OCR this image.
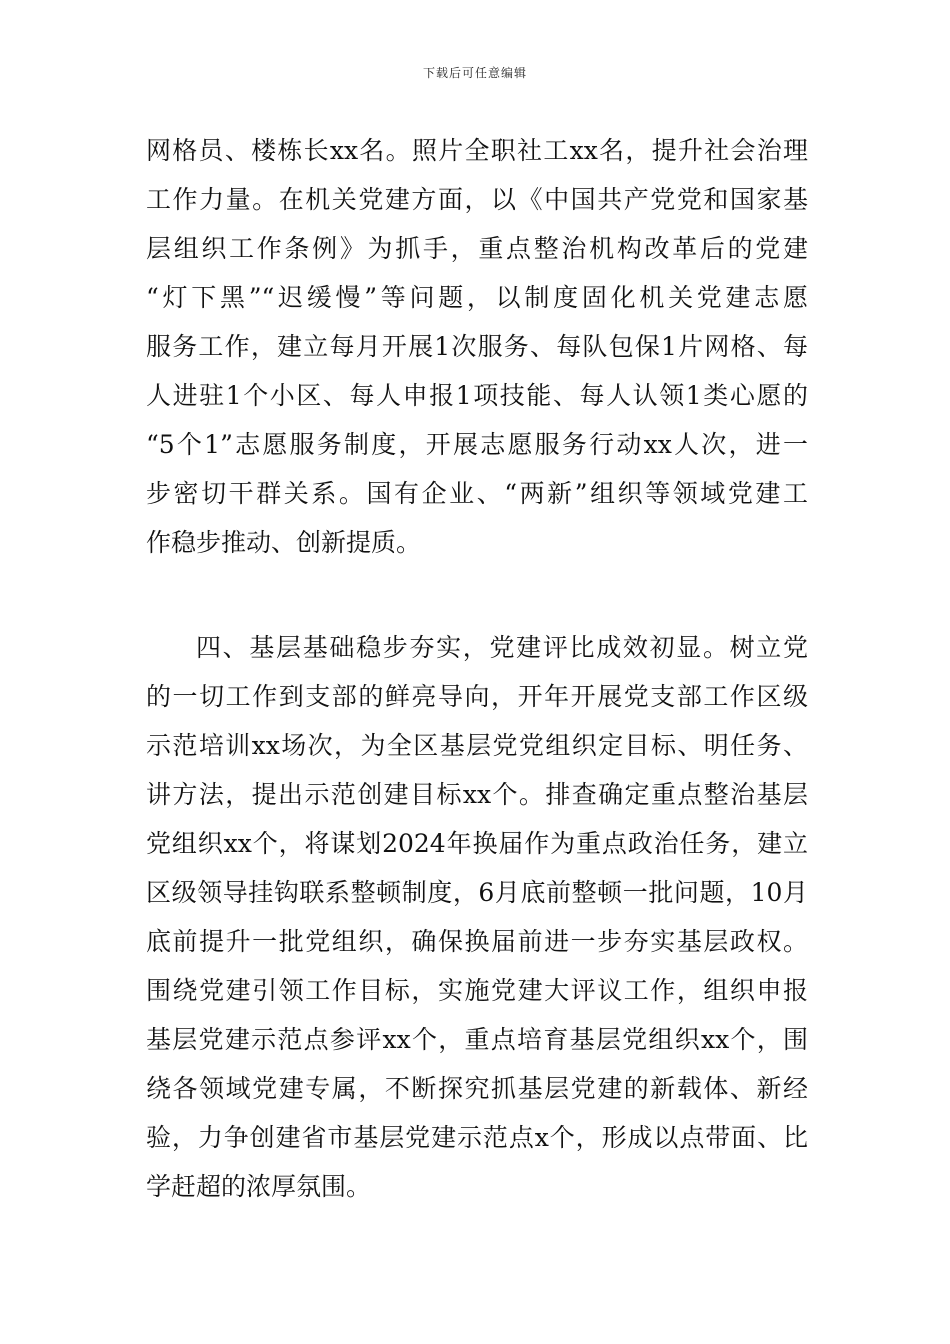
下载后可任意编辑
网格员、楼栋长xx名。照片全职社工xx名，提升社会治理
工作力量。在机关党建方面，以《中国共产党党和国家基
层组织工作条例》为抓手，重点整治机构改革后的党建
“灯下黑”“迟缓慢”等问题，以制度固化机关党建志愿
服务工作，建立每月开展1次服务、每队包保1片网格、每
人进驻1个小区、每人申报1项技能、每人认领1类心愿的
“5个1”志愿服务制度，开展志愿服务行动xx人次，进一
步密切干群关系。国有企业、“两新”组织等领域党建工
作稳步推动、创新提质。
四、基层基础稳步夯实，党建评比成效初显。树立党
的一切工作到支部的鲜亮导向，开年开展党支部工作区级
示范培训xx场次，为全区基层党党组织定目标、明任务、
讲方法，提出示范创建目标xx个。排查确定重点整治基层
党组织xx个，将谋划2024年换届作为重点政治任务，建立
区级领导挂钩联系整顿制度，6月底前整顿一批问题，10月
底前提升一批党组织，确保换届前进一步夯实基层政权。
围绕党建引领工作目标，实施党建大评议工作，组织申报
基层党建示范点参评xx个，重点培育基层党组织xx个，围
绕各领域党建专属，不断探究抓基层党建的新载体、新经
验，力争创建省市基层党建示范点x个，形成以点带面、比
学赶超的浓厚氛围。
